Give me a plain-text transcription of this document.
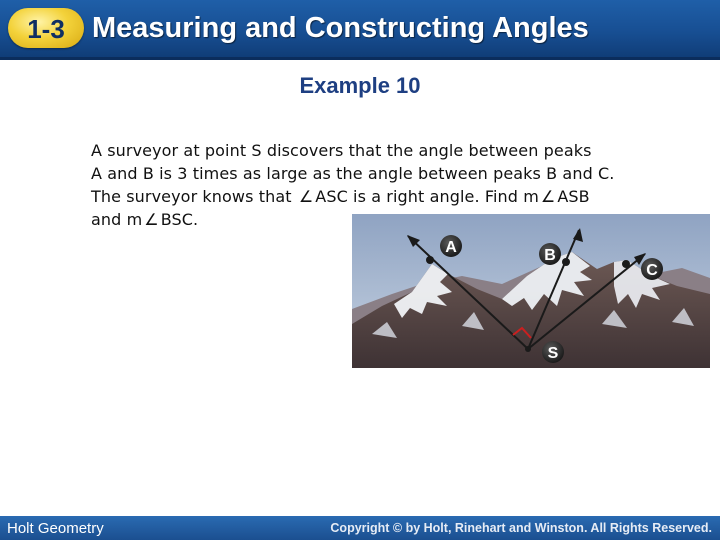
1-3 Measuring and Constructing Angles
Example 10
A surveyor at point S discovers that the angle between peaks
A and B is 3 times as large as the angle between peaks B and C.
The surveyor knows that ∠ ASC is a right angle. Find m ∠ ASB
and m ∠ BSC.
A	B
C
S
Holt Geometry	Copyright © by Holt, Rinehart and Winston. All Rights Reserved.
